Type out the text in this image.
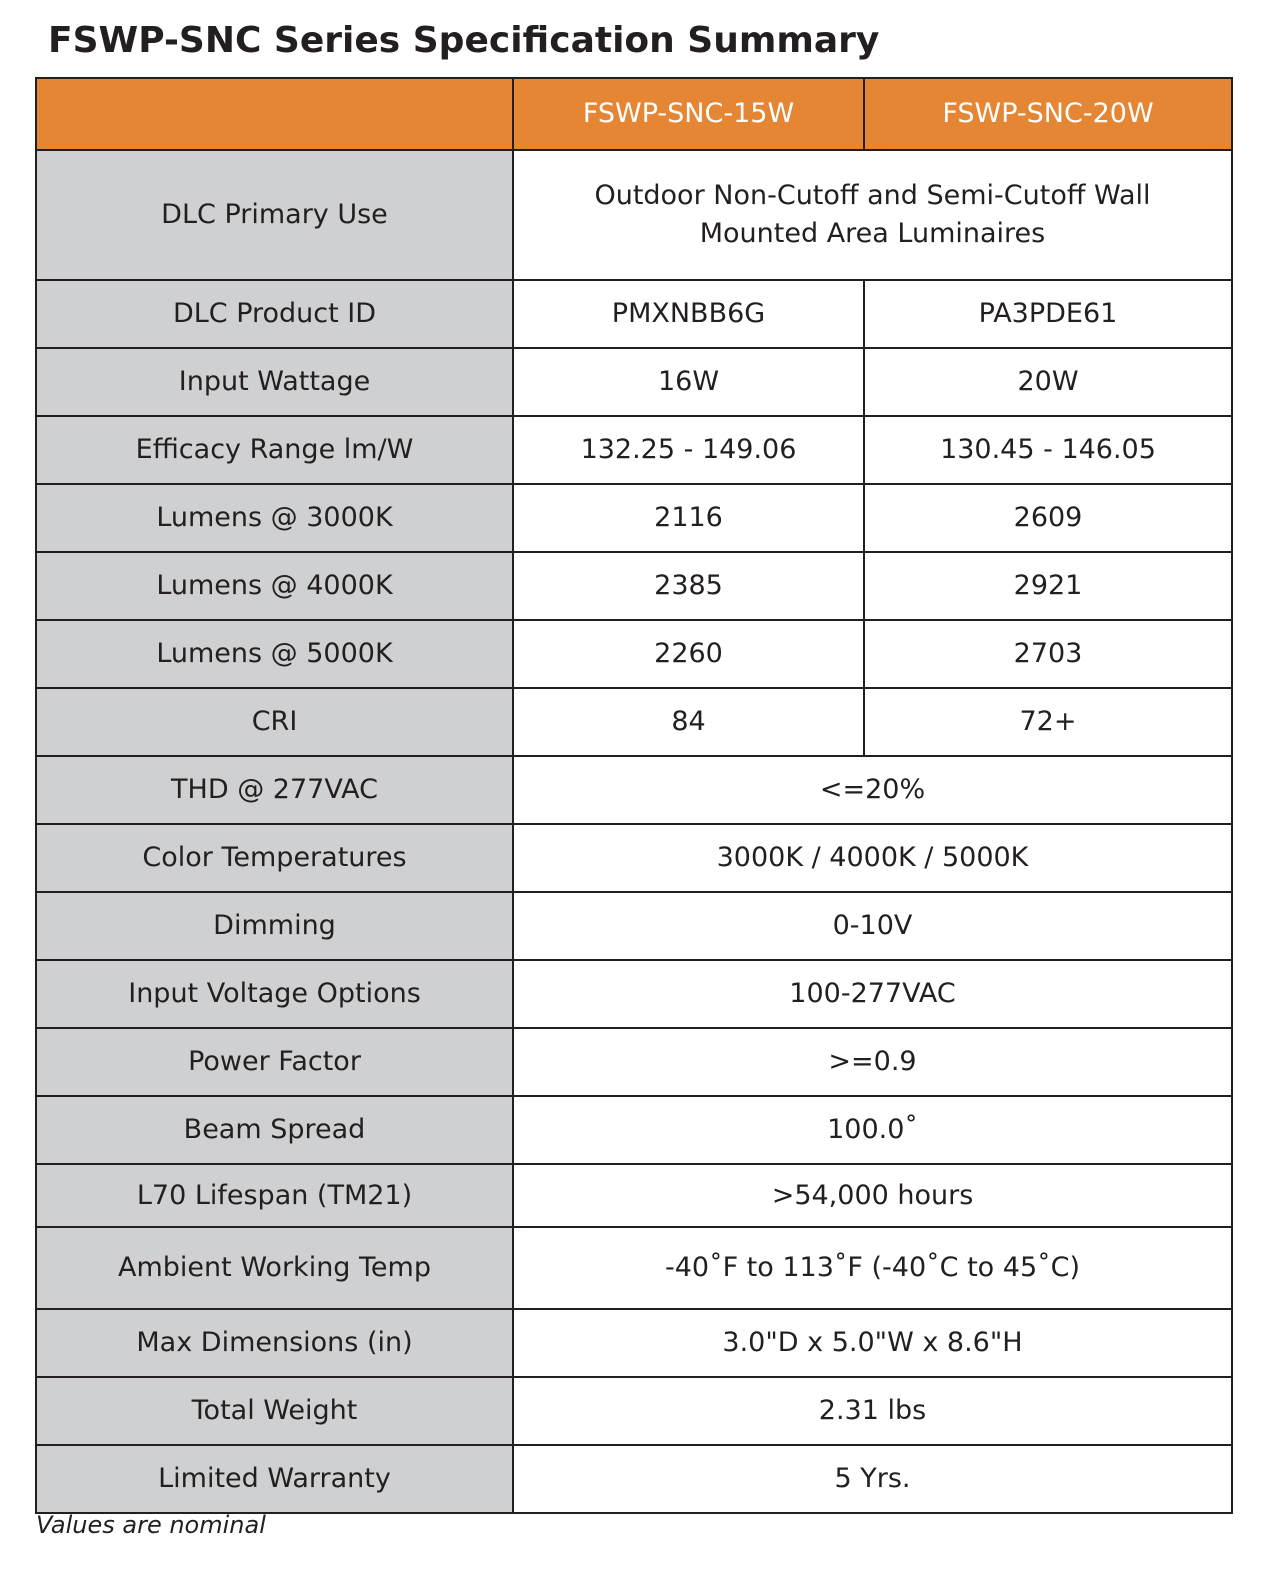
FSWP-SNC Series Specification Summary
	FSWP-SNC-15W	FSWP-SNC-20W
DLC Primary Use	Outdoor Non-Cutoff and Semi-Cutoff Wall Mounted Area Luminaires	
DLC Product ID	PMXNBB6G	PA3PDE61
Input Wattage	16W	20W
Efficacy Range lm/W	132.25 - 149.06	130.45 - 146.05
Lumens @ 3000K	2116	2609
Lumens @ 4000K	2385	2921
Lumens @ 5000K	2260	2703
CRI	84	72+
THD @ 277VAC	<=20%	
Color Temperatures	3000K / 4000K / 5000K	
Dimming	0-10V	
Input Voltage Options	100-277VAC	
Power Factor	>=0.9	
Beam Spread	100.0˚	
L70 Lifespan (TM21)	>54,000 hours	
Ambient Working Temp	-40˚F to 113˚F (-40˚C to 45˚C)	
Max Dimensions (in)	3.0"D x 5.0"W x 8.6"H	
Total Weight	2.31 lbs	
Limited Warranty	5 Yrs.	
Values are nominal
